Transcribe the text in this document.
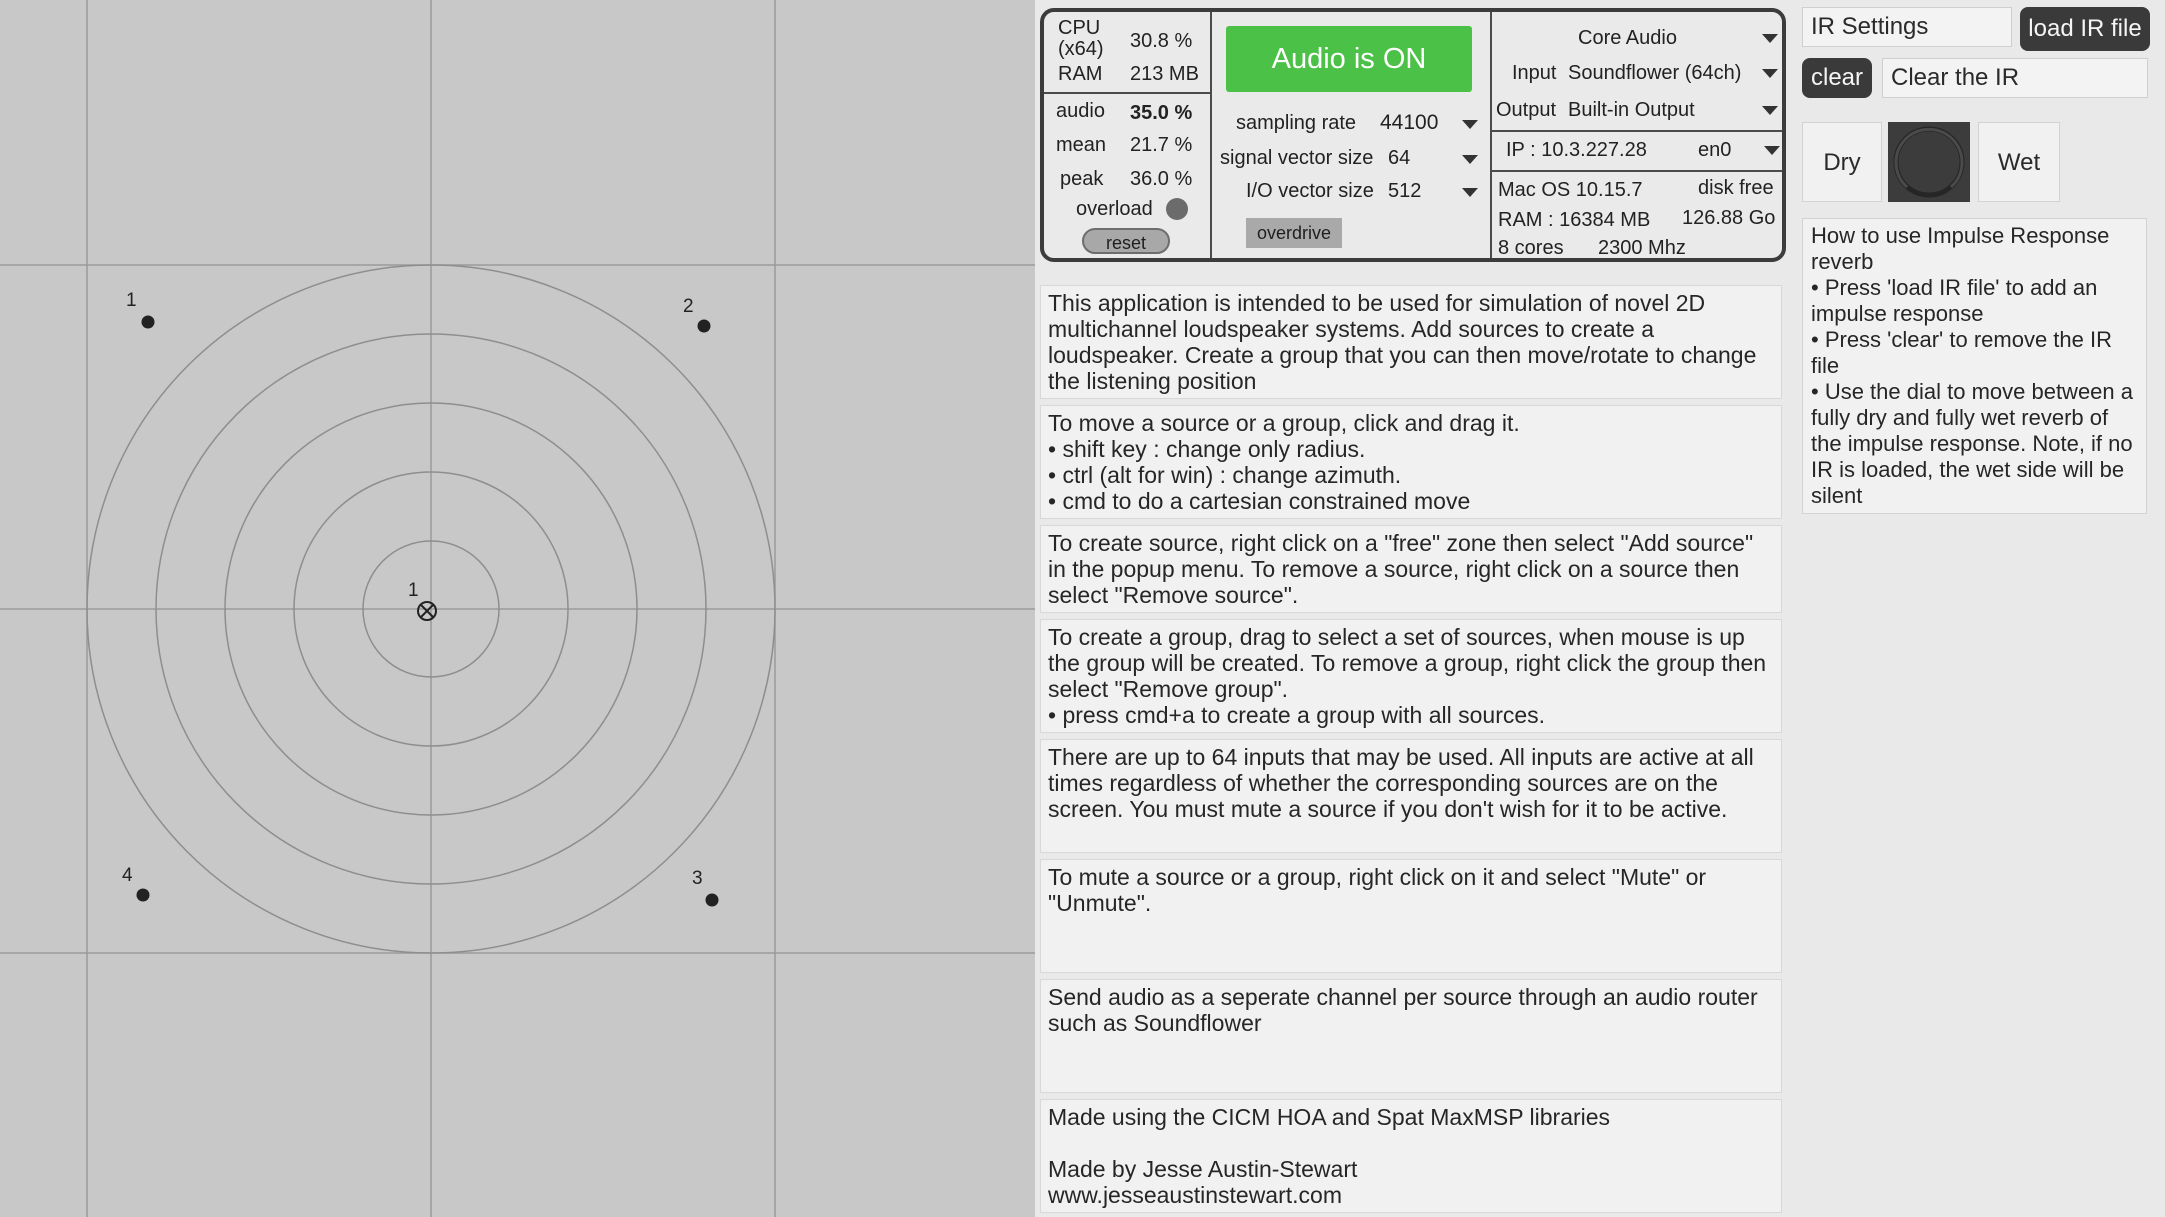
1	2
3
4
1
CPU
(x64) 30.8 %
RAM 213 MB
audio 35.0 %
mean 21.7 %
peak 36.0 %
overload
reset
Audio is ON
sampling rate 44100
signal vector size 64
I/O vector size 512
overdrive
Core Audio
Input Soundflower (64ch)
Output Built-in Output
IP : 10.3.227.28	en0
Mac OS 10.15.7	disk free
RAM : 16384 MB 126.88 Go
8 cores 2300 Mhz
This application is intended to be used for simulation of novel 2D multichannel loudspeaker systems. Add sources to create a loudspeaker. Create a group that you can then move/rotate to change the listening position
To move a source or a group, click and drag it.
• shift key : change only radius.
• ctrl (alt for win) : change azimuth.
• cmd to do a cartesian constrained move
To create source, right click on a "free" zone then select "Add source" in the popup menu. To remove a source, right click on a source then select "Remove source".
To create a group, drag to select a set of sources, when mouse is up the group will be created. To remove a group, right click the group then select "Remove group".
• press cmd+a to create a group with all sources.
There are up to 64 inputs that may be used. All inputs are active at all times regardless of whether the corresponding sources are on the screen. You must mute a source if you don't wish for it to be active.
To mute a source or a group, right click on it and select "Mute" or "Unmute".
Send audio as a seperate channel per source through an audio router such as Soundflower
Made using the CICM HOA and Spat MaxMSP libraries
Made by Jesse Austin-Stewart
www.jesseaustinstewart.com
IR Settings	load IR file
clear	Clear the IR
Dry	Wet
How to use Impulse Response reverb
• Press 'load IR file' to add an impulse response
• Press 'clear' to remove the IR file
• Use the dial to move between a fully dry and fully wet reverb of the impulse response. Note, if no IR is loaded, the wet side will be silent
